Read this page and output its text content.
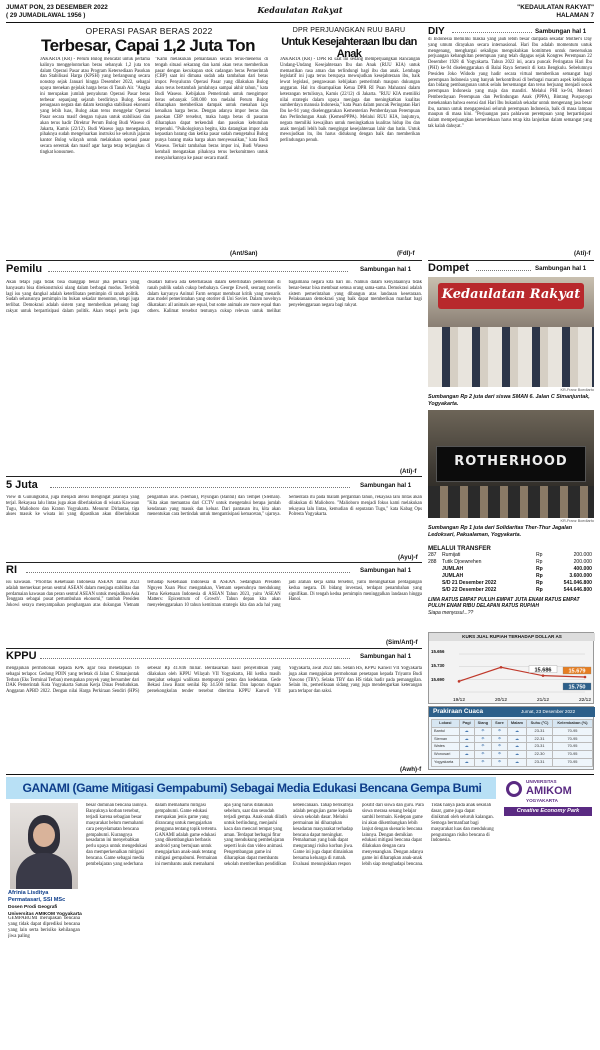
JUMAT PON, 23 DESEMBER 2022
( 29 JUMADILAWAL 1956 )
Kedaulatan Rakyat	"KEDAULATAN RAKYAT"
HALAMAN 7
OPERASI PASAR BERAS 2022
Terbesar, Capai 1,2 Juta Ton
JAKARTA (KR) - Perum Bulog mencatat untuk pertama kalinya menggelontorkan beras sebanyak 1,2 juta ton dalam Operasi Pasar atau Program Ketersediaan Pasokan dan Stabilisasi Harga (KPSH) yang berlangsung secara nonstop sejak Januari hingga Desember 2022, sebagai upaya menekan gejolak harga beras di Tanah Air. "Angka ini merupakan jumlah penyaluran Operasi Pasar beras terbesar sepanjang sejarah berdirinya Bulog. Sesuai penugasan negara dan dalam kerangka stabilisasi ekonomi yang lebih luas, Bulog akan terus menggelar Operasi Pasar secara masif dengan tujuan untuk stabilisasi dan akan terus hadir Direktur Perum Bulog Budi Waseso di Jakarta, Kamis (22/12). Budi Waseso juga menegaskan, pihaknya sudah mengeluarkan instruksi ke seluruh jajaran kantor Bulog wilayah untuk melakukan operasi pasar secara serentak dan masif agar harga tetap terjangkau di tingkat konsumen.
"Kami melakukan pemantauan secara terus-menerus di tengah situasi sekarang dan kami akan terus memberikan pasar dengan kecukupan stok cadangan beras Pemerintah (CBP) saat ini dimana sudah ada tambahan dari beras impor. Penyaluran Operasi Pasar yang dilakukan Bulog akan terus bertambah jumlahnya sampai akhir tahun," kata Budi Waseso. Kebijakan Pemerintah untuk mengimpor beras sebanyak 500.000 ton melalui Perum Bulog diharapkan memberikan dampak untuk menahan laju kenaikan harga beras. Dengan adanya impor beras dan pasokan CBP tersebut, maka harga beras di pasaran diharapkan dapat terkendali dan pasokan kebutuhan terpenuhi. "Psikologisnya begitu, kita datangkan impor ada kepastian barang dan ketika pasar sudah mengetahui Bulog punya barang maka harga akan menyesuaikan," kata Budi Waseso. Terkait tambahan beras impor ini, Budi Waseso kembali mengatakan pihaknya terus berkomitmen untuk menyalurkannya ke pasar secara masif.
(Ant/San)
DPR PERJUANGKAN RUU BARU
Untuk Kesejahteraan Ibu dan Anak
JAKARTA (KR) - DPR RI saat ini sedang memperjuangkan Rancangan Undang-Undang Kesejahteraan Ibu dan Anak (RUU KIA) untuk memastikan rasa aman dan terlindungi bagi ibu dan anak. Lembaga legislatif ini juga terus berupaya mewujudkan kesejahteraan ibu, baik lewat legislasi, pengawasan kebijakan pemerintah maupun dukungan anggaran. Hal itu disampaikan Ketua DPR RI Puan Maharani dalam keterangan tertulisnya, Kamis (22/12) di Jakarta. "RUU KIA memiliki nilai strategis dalam upaya menjaga dan meningkatkan kualitas sumberdaya manusia Indonesia," kata Puan dalam puncak Peringatan Hari Ibu ke-94 yang diselenggarakan Kementerian Pemberdayaan Perempuan dan Perlindungan Anak (KemenPPPA). Melalui RUU KIA, lanjutnya, negara memiliki kewajiban untuk meningkatkan kualitas hidup ibu dan anak menjadi lebih baik mengingat kesejahteraan lahir dan batin. Untuk mewujudkan itu, ibu harus didukung dengan baik dan memberikan perlindungan penuh.
(Fdl)-f
DIY	Sambungan hal 1
di Indonesia memiliki makna yang jauh lebih besar daripada sekadar Mother's Day yang umum dirayakan secara internasional. Hari Ibu adalah momentum untuk mengenang, menghargai sekaligus mengukuhkan komitmen untuk meneruskan perjuangan kebangkitan perempuan yang telah digagas sejak Kongres Perempuan 22 Desember 1928 di Yogyakarta. Tahun 2022 ini, acara puncak Peringatan Hari Ibu (PHI) ke-94 diselenggarakan di Balai Raya Semenit di kota Bengkulu. Sebelumnya Presiden Joko Widodo yang hadir secara virtual memberikan semangat bagi perempuan Indonesia yang banyak berkontribusi di berbagai macam aspek kehidupan dan bidang pembangunan untuk selalu bersemangat dan terus berjuang menjadi sosok perempuan Indonesia yang maju dan mandiri. Melalui PHI ke-94, Menteri Pemberdayaan Perempuan dan Perlindungan Anak (PPPA), Bintang Puspayoga menekankan bahwa esensi dari Hari Ibu bukanlah sekadar untuk mengenang jasa besar ibu, namun untuk mengapresiasi seluruh perempuan Indonesia, baik di masa lampau maupun di masa kini. "Perjuangan para pahlawan perempuan yang berpartisipasi dalam memperjuangkan kemerdekaan harus tetap kita lanjutkan dalam semangat yang tak kalah dahsyat."
(Ati)-f
Pemilu	Sambungan hal 1
Akan tetapi juga tidak bisa dianggap benar jika perkara yang hanyasatu bisa direkonstruksi ulang dalam berbagai modus. Terlebih lagi isu yang dangkal adalah keterlibatan pemimpin di ranah politik. Sudah seharusnya pemimpin itu bukan sekadar menonton, tetapi juga terlibat. Demokrasi adalah sistem yang memberikan peluang bagi rakyat untuk berpartisipasi dalam politik. Akan tetapi perlu juga disadari bahwa ada keterbatasan dalam keterlibatan pemerintah di ranah publik sudah cukup berbahaya. George Erwell, seorang novelis dalam karyanya Animal Farm sempat membuat kritik yang menarik atas model pemerintahan yang otoriter di Uni Soviet. Dalam novelnya dikatakan: all animals are equal, but some animals are more equal than others. Kalimat tersebut tentunya cukup relevan untuk melihat bagaimana negara kita hari ini. Namun dalam kenyataannya tidak benar-benar bisa membuat semua orang sama-sama. Demokrasi adalah sistem pemerintahan yang dibangun atas landasan kesetaraan. Pelaksanaan demokrasi yang baik dapat memberikan manfaat bagi penyelenggaraan negara bagi rakyat.
(Ati)-f
5 Juta	Sambungan hal 1
View di Gunungkidul, juga menjadi atensi mengingat jalannya yang terjal. Rekayasa lalu lintas juga akan diberlakukan di wisata Kawasan Tugu, Malioboro dan Kraton Yogyakarta. Menurut Dirlantas, tiga akses masuk ke wisata ini yang dipastikan akan diberlakukan pengalihan arus. (Sleman), Piyungan (Bantul) dan Tempel (Sleman). "Kita akan memantau dari CCTV untuk mengetahui berapa jumlah kendaraan yang masuk dan keluar. Dari pantauan itu, kita akan menentukan cara bertindak untuk mengantisipasi kemacetan," ujarnya. Sementara itu pada malam pergantian tahun, rekayasa lalu lintas akan dilakukan di Malioboro. "Malioboro menjadi fokus kami melakukan rekayasa lalu lintas, kemudian di seputaran Tugu," kata Kabag Ops Polresta Yogyakarta.
(Ayu)-f
RI	Sambungan hal 1
isu kawasan. "Prioritas Keketuaan Indonesia ASEAN Tahun 2023 adalah memerkuat peran sentral ASEAN dalam menjaga stabilitas dan perdamaian kawasan dan peran sentral ASEAN untuk menjadikan Asia Tenggara sebagai pusat pertumbuhan ekonomi," tambah Presiden Jokowi seraya menyampaikan penghargaan atas dukungan Vietnam terhadap Keketuaan Indonesia di ASEAN. Sedangkan Presiden Nguyen Xuan Phuc mengatakan, Vietnam sepenuhnya mendukung Tema Keketuaan Indonesia di ASEAN Tahun 2023, yaitu 'ASEAN Matters: Epicentrum of Growth'. Tahun depan kita akan menyelenggarakan 10 tahun kemitraan strategis kita dan ada hal yang jadi arahan kerja sama tersebut, yaitu meningkatkan perdagangan kedua negara. Di bidang investasi, terdapat penambahan yang signifikan. Di tengah kedua pemimpin meninggalkan landasan hingga Hanoi.
(Sim/Ant)-f
KPPU	Sambungan hal 1
mengajukan permohonan kepada KPK agar bisa menetapkan 16 sebagai terlapor. Gedung PDIN yang terletak di Jalan C Simanjuntak Terban (Eks Terminal Terban) merupakan proyek yang bersumber dari DAK Pemerintah Kota Yogyakarta Satuan Kerja Dinas Pendudukan. Anggaran APBD 2022. Dengan nilai Harga Perkiraan Sendiri (HPS) sebesar Rp 41.846 miliar. Berdasarkan hasil penyelidikan yang dilakukan oleh KPPU Wilayah VII Yogyakarta, Hil ketika masih menjabat sebagai walikota mempunyai peran dan kedekatan. Gede Bekasi Jawa Barat senilai Rp 34.500 miliar. Dan laporan dugaan persekongkolan tender tersebut diterima KPPU Kanwil VII Yogyakarta, awal 2022 lalu. Selain HS, KPPU Kanwil VII Yogyakarta juga akan mengajukan permohonan penetapan kepada Triyanto Budi Yuwono (TBY). Selaku TBY dan HS tidak hadir pada pemanggilan. Selain itu, pemeriksaan sidang yang juga mendengarkan keterangan para terlapor dan saksi.
(Awh)-f
Dompet	Sambungan hal 1
Kedaulatan Rakyat
KR-Franz Boediarto
Sumbangan Rp 2 juta dari siswa SMAN 6. Jalan C Simanjuntak, Yogyakarta.
ROTHERHOOD
KR-Franz Boediarto
Sumbangan Rp 1 juta dari Solidaritas Ther-Thur Jagalan Ledoksari, Pakualaman, Yogyakarta.
MELALUI TRANSFER
287 Rumijati	Rp	200.000
288 Tutik Djoewrehen	Rp	200.000
JUMLAH	Rp	400.000
JUMLAH	Rp	3.600.000
S/D 21 Desember 2022	Rp	541.046.800
S/D 22 Desember 2022	Rp	544.646.800
LIMA RATUS EMPAT PULUH EMPAT JUTA ENAM RATUS EMPAT PULUH ENAM RIBU DELAPAN RATUS RUPIAH
Siapa menyusul...??
KURS JUAL RUPIAH TERHADAP DOLLAR AS
15.656
15.730
15.690
19/12	20/12	21/12	22/12
15.679
15.686
15.750
Prakiraan Cuaca	Jumat, 23 Desember 2022
Lokasi	Pagi	Siang	Sore	Malam	Suhu (°C)	Kelembaban (%)
Bantul	☁	☂	☂	☁	23-31	70-95
Sleman	☁	☂	☂	☁	22-31	70-95
Wates	☁	☂	☂	☁	23-31	70-95
Wonosari	☁	☂	☂	☁	22-30	70-95
Yogyakarta	☁	☂	☂	☁	23-31	70-95
GANAMI (Game Mitigasi Gempabumi) Sebagai Media Edukasi Bencana Gempa Bumi	UNIVERSITAS
AMIKOM
YOGYAKARTA
Creative Economy Park
Afrinia Lisditya Permatasari, SSI MSc
Dosen Prodi Geografi
Universitas AMIKOM Yogyakarta
GEMPABUMI merupakan bencana yang tidak dapat diprediksi bencana yang lain serta berisiko kehilangan jiwa paling
besar dominan bencana lainnya. Banyaknya korban tersebut, terjadi karena sebagian besar masyarakat belum memahami cara penyelamatan bencana gempabumi. Kurangnya kesadaran ini menyebabkan perlu upaya untuk mengedukasi dan memperkenalkan mitigasi bencana. Game sebagai media pembelajaran yang sederhana dalam memahami mitigasi gempabumi. Game edukasi merupakan jenis game yang dirancang untuk mengajarkan pengguna tentang topik tertentu. GANAMI adalah game edukasi yang dikembangkan berbasis android yang bertujuan untuk mengajarkan anak-anak tentang mitigasi gempabumi. Permainan ini membantu anak memahami apa yang harus dilakukan sebelum, saat dan sesudah terjadi gempa. Anak-anak dilatih untuk berlindung, menjauhi kaca dan mencari tempat yang aman. Terdapat berbagai fitur yang mendukung pembelajaran seperti kuis dan video animasi. Pengembangan game ini diharapkan dapat membantu sekolah memberikan pendidikan kebencanaan. Tahap berikutnya adalah pengujian game kepada siswa sekolah dasar. Melalui permainan ini diharapkan kesadaran masyarakat terhadap bencana dapat meningkat. Pemahaman yang baik dapat mengurangi risiko korban jiwa. Game ini juga dapat dimainkan bersama keluarga di rumah. Evaluasi menunjukkan respon positif dari siswa dan guru. Para siswa merasa senang belajar sambil bermain. Kedepan game ini akan dikembangkan lebih lanjut dengan skenario bencana lainnya. Dengan demikian edukasi mitigasi bencana dapat dilakukan dengan cara menyenangkan. Dengan adanya game ini diharapkan anak-anak lebih siap menghadapi bencana. Tidak hanya pada anak sekolah dasar, game juga dapat dinikmati oleh seluruh kalangan. Semoga bermanfaat bagi masyarakat luas dan mendukung pengurangan risiko bencana di Indonesia.
